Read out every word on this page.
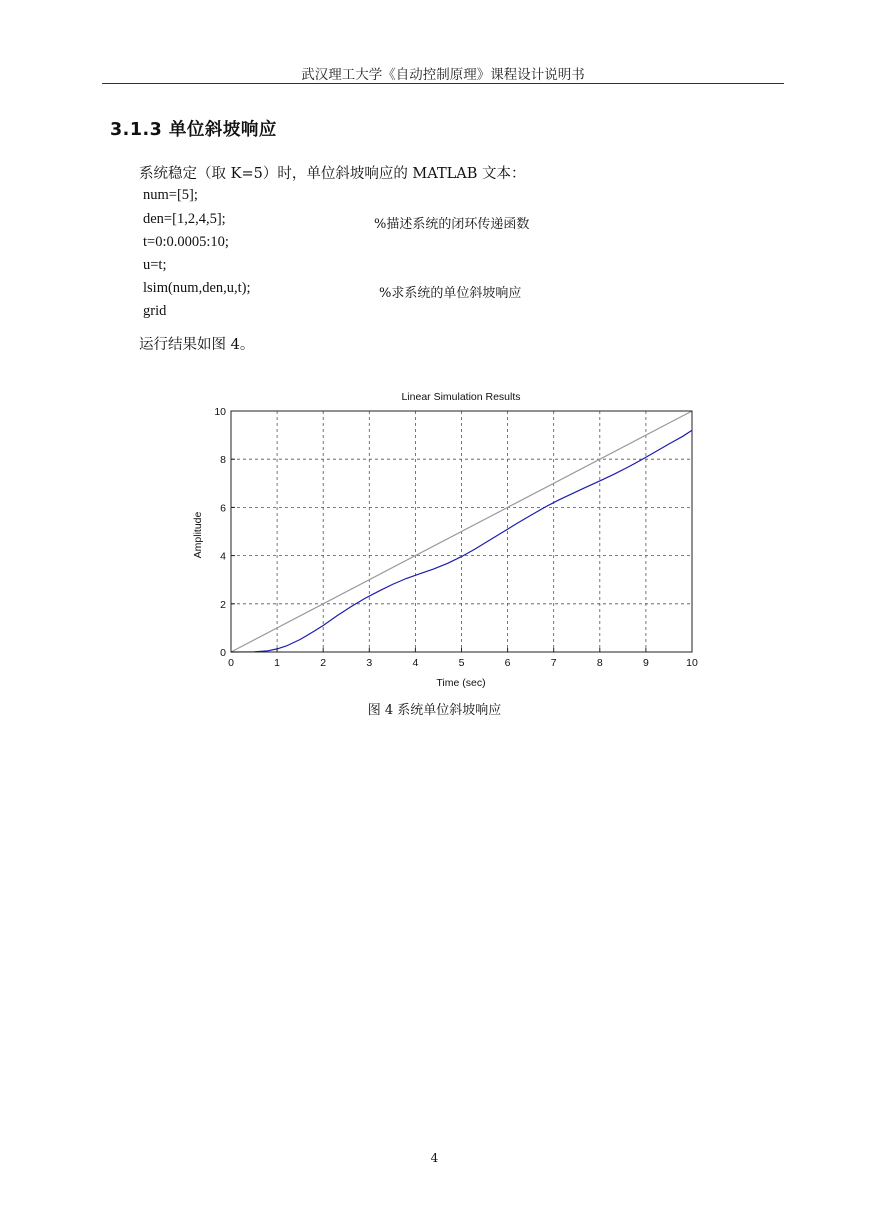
武汉理工大学《自动控制原理》课程设计说明书
3.1.3 单位斜坡响应
系统稳定（取 K=5）时，单位斜坡响应的 MATLAB 文本：
num=[5];
den=[1,2,4,5];	%描述系统的闭环传递函数
t=0:0.0005:10;
u=t;
lsim(num,den,u,t);	%求系统的单位斜坡响应
grid
运行结果如图 4。
Linear Simulation Results
Time (sec)
Amplitude
0	1	2	3	4	5	6	7	8	9	10
0
2
4
6
8
10
图 4 系统单位斜坡响应
4
